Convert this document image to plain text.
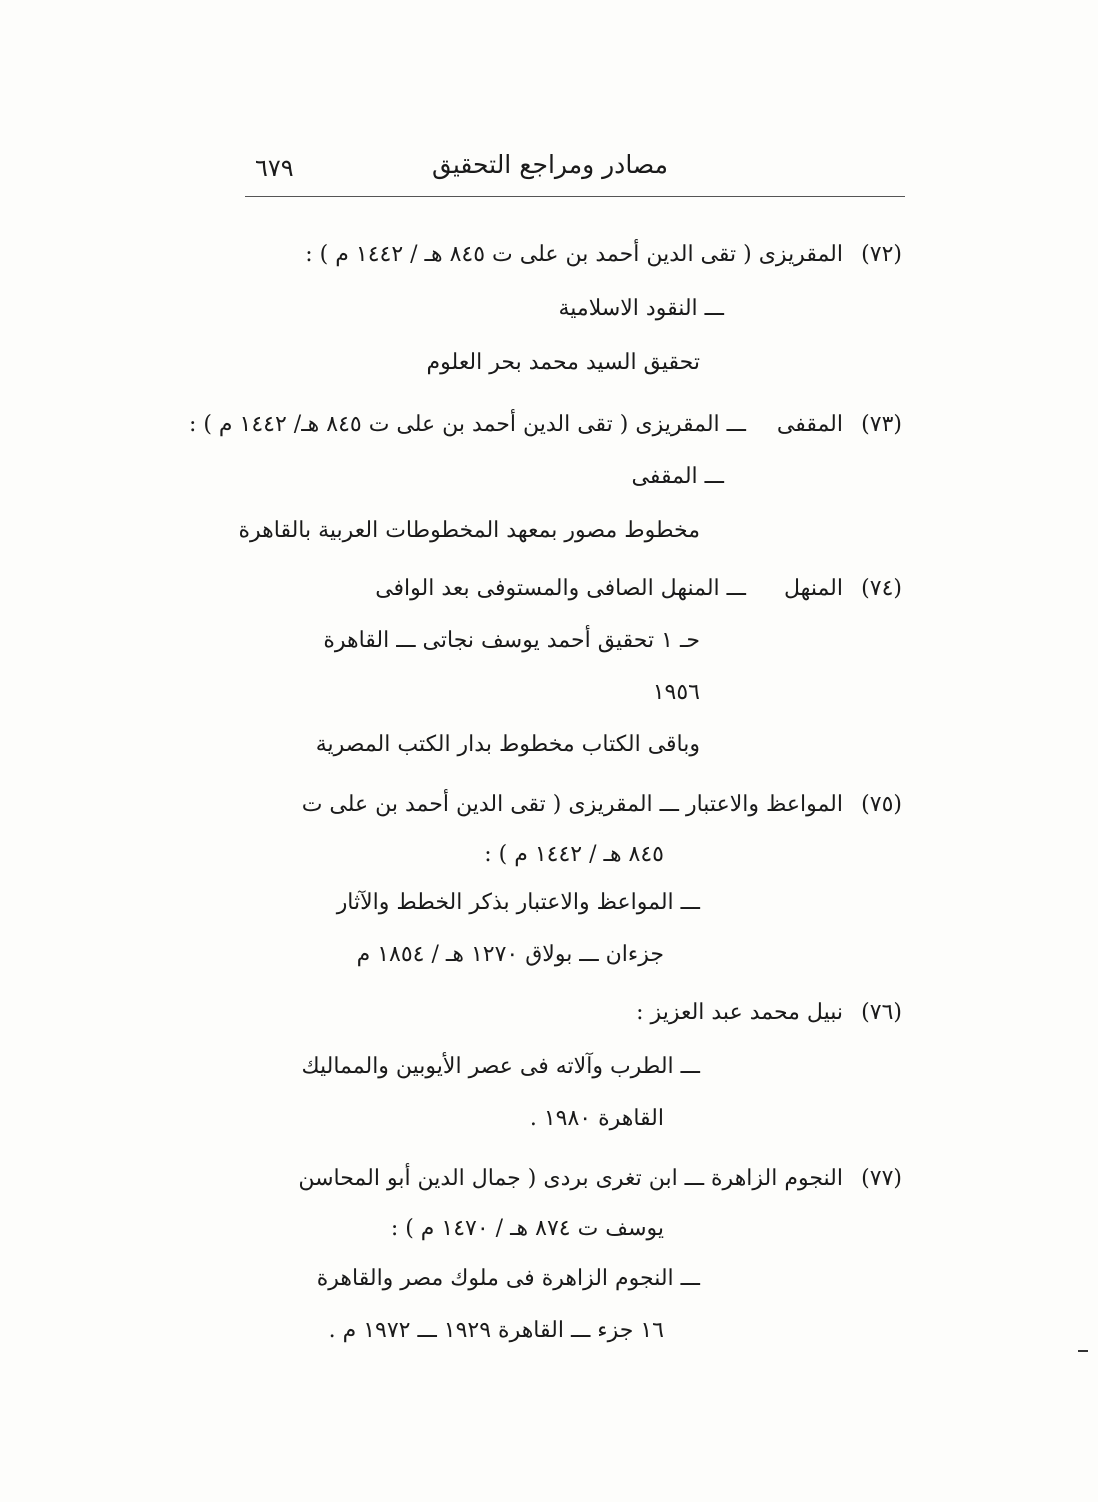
مصادر ومراجع التحقيق
٦٧٩
(٧٢) المقريزى ( تقى الدين أحمد بن على ت ٨٤٥ هـ / ١٤٤٢ م ) :
ـــ النقود الاسلامية
تحقيق السيد محمد بحر العلوم
(٧٣) المقفى ـــ المقريزى ( تقى الدين أحمد بن على ت ٨٤٥ هـ/ ١٤٤٢ م ) :
ـــ المقفى
مخطوط مصور بمعهد المخطوطات العربية بالقاهرة
(٧٤) المنهل ـــ المنهل الصافى والمستوفى بعد الوافى
حـ ١ تحقيق أحمد يوسف نجاتى ـــ القاهرة
١٩٥٦
وباقى الكتاب مخطوط بدار الكتب المصرية
(٧٥) المواعظ والاعتبار ـــ المقريزى ( تقى الدين أحمد بن على ت
٨٤٥ هـ / ١٤٤٢ م ) :
ـــ المواعظ والاعتبار بذكر الخطط والآثار
جزءان ـــ بولاق ١٢٧٠ هـ / ١٨٥٤ م
(٧٦) نبيل محمد عبد العزيز :
ـــ الطرب وآلاته فى عصر الأيوبين والمماليك
القاهرة ١٩٨٠ .
(٧٧) النجوم الزاهرة ـــ ابن تغرى بردى ( جمال الدين أبو المحاسن
يوسف ت ٨٧٤ هـ / ١٤٧٠ م ) :
ـــ النجوم الزاهرة فى ملوك مصر والقاهرة
١٦ جزء ـــ القاهرة ١٩٢٩ ـــ ١٩٧٢ م .
